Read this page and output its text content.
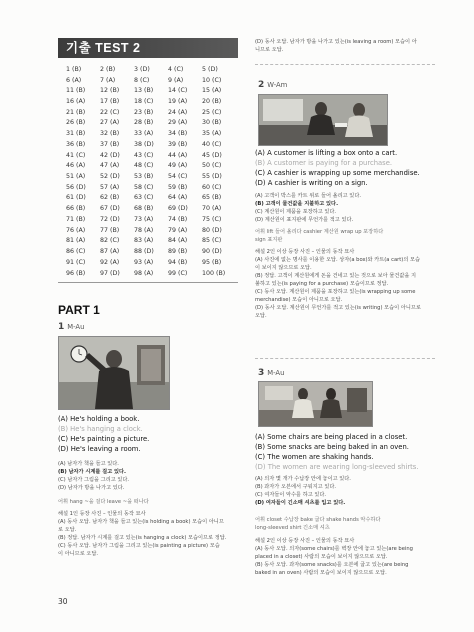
기출 TEST 2
1 (B)	2 (B)	3 (D)	4 (C)	5 (D)
6 (A)	7 (A)	8 (C)	9 (A)	10 (C)
11 (B)	12 (B)	13 (B)	14 (C)	15 (A)
16 (A)	17 (B)	18 (C)	19 (A)	20 (B)
21 (B)	22 (C)	23 (B)	24 (A)	25 (C)
26 (B)	27 (A)	28 (B)	29 (A)	30 (B)
31 (B)	32 (B)	33 (A)	34 (B)	35 (A)
36 (B)	37 (B)	38 (D)	39 (B)	40 (C)
41 (C)	42 (D)	43 (C)	44 (A)	45 (D)
46 (A)	47 (A)	48 (C)	49 (A)	50 (C)
51 (A)	52 (D)	53 (B)	54 (C)	55 (D)
56 (D)	57 (A)	58 (C)	59 (B)	60 (C)
61 (D)	62 (B)	63 (C)	64 (A)	65 (B)
66 (B)	67 (D)	68 (B)	69 (D)	70 (A)
71 (B)	72 (D)	73 (A)	74 (B)	75 (C)
76 (A)	77 (B)	78 (A)	79 (A)	80 (D)
81 (A)	82 (C)	83 (A)	84 (A)	85 (C)
86 (C)	87 (A)	88 (D)	89 (B)	90 (D)
91 (C)	92 (A)	93 (A)	94 (B)	95 (B)
96 (B)	97 (D)	98 (A)	99 (C)	100 (B)
PART 1
1 M-Au
(A) He's holding a book.
(B) He's hanging a clock.
(C) He's painting a picture.
(D) He's leaving a room.
(A) 남자가 책을 들고 있다.
(B) 남자가 시계를 걸고 있다.
(C) 남자가 그림을 그리고 있다.
(D) 남자가 방을 나가고 있다.
어휘 hang ~을 걸다 leave ~을 떠나다
해설 1인 등장 사진 – 인물의 동작 묘사
(A) 동사 오답. 남자가 책을 들고 있는(is holding a book) 모습이 아니므
로 오답.
(B) 정답. 남자가 시계를 걸고 있는(is hanging a clock) 모습이므로 정답.
(C) 동사 오답. 남자가 그림을 그리고 있는(is painting a picture) 모습
이 아니므로 오답.
30
(D) 동사 오답. 남자가 방을 나가고 있는(is leaving a room) 모습이 아
니므로 오답.
2 W-Am
(A) A customer is lifting a box onto a cart.
(B) A customer is paying for a purchase.
(C) A cashier is wrapping up some merchandise.
(D) A cashier is writing on a sign.
(A) 고객이 박스를 카트 위로 들어 올리고 있다.
(B) 고객이 물건값을 지불하고 있다.
(C) 계산원이 제품을 포장하고 있다.
(D) 계산원이 표지판에 무언가를 적고 있다.
어휘 lift 들어 올리다 cashier 계산원 wrap up 포장하다
sign 표지판
해설 2인 이상 등장 사진 – 인물의 동작 묘사
(A) 사진에 없는 명사를 이용한 오답. 상자(a box)와 카트(a cart)의 모습
이 보이지 않으므로 오답.
(B) 정답. 고객이 계산원에게 돈을 건네고 있는 것으로 보아 물건값을 지
불하고 있는(is paying for a purchase) 모습이므로 정답.
(C) 동사 오답. 계산원이 제품을 포장하고 있는(is wrapping up some
merchandise) 모습이 아니므로 오답.
(D) 동사 오답. 계산원이 무언가를 적고 있는(is writing) 모습이 아니므로
오답.
3 M-Au
(A) Some chairs are being placed in a closet.
(B) Some snacks are being baked in an oven.
(C) The women are shaking hands.
(D) The women are wearing long-sleeved shirts.
(A) 의자 몇 개가 수납장 안에 놓이고 있다.
(B) 과자가 오븐에서 구워지고 있다.
(C) 여자들이 악수를 하고 있다.
(D) 여자들이 긴소매 셔츠를 입고 있다.
어휘 closet 수납장 bake 굽다 shake hands 악수하다
long-sleeved shirt 긴소매 셔츠
해설 2인 이상 등장 사진 – 인물의 동작 묘사
(A) 동사 오답. 의자(some chairs)를 벽장 안에 놓고 있는(are being
placed in a closet) 사람의 모습이 보이지 않으므로 오답.
(B) 동사 오답. 과자(some snacks)를 오븐에 굽고 있는(are being
baked in an oven) 사람의 모습이 보이지 않으므로 오답.
